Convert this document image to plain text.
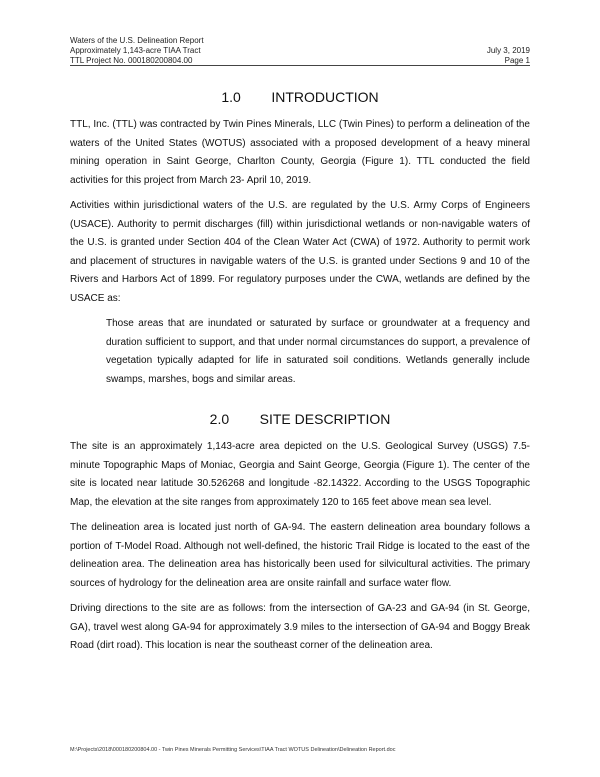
Waters of the U.S. Delineation Report
Approximately 1,143-acre TIAA Tract	July 3, 2019
TTL Project No. 000180200804.00	Page 1
1.0	INTRODUCTION

TTL, Inc. (TTL) was contracted by Twin Pines Minerals, LLC (Twin Pines) to perform a delineation of the waters of the United States (WOTUS) associated with a proposed development of a heavy mineral mining operation in Saint George, Charlton County, Georgia (Figure 1). TTL conducted the field activities for this project from March 23- April 10, 2019.

Activities within jurisdictional waters of the U.S. are regulated by the U.S. Army Corps of Engineers (USACE). Authority to permit discharges (fill) within jurisdictional wetlands or non-navigable waters of the U.S. is granted under Section 404 of the Clean Water Act (CWA) of 1972. Authority to permit work and placement of structures in navigable waters of the U.S. is granted under Sections 9 and 10 of the Rivers and Harbors Act of 1899. For regulatory purposes under the CWA, wetlands are defined by the USACE as:

Those areas that are inundated or saturated by surface or groundwater at a frequency and duration sufficient to support, and that under normal circumstances do support, a prevalence of vegetation typically adapted for life in saturated soil conditions. Wetlands generally include swamps, marshes, bogs and similar areas.

2.0	SITE DESCRIPTION

The site is an approximately 1,143-acre area depicted on the U.S. Geological Survey (USGS) 7.5-minute Topographic Maps of Moniac, Georgia and Saint George, Georgia (Figure 1). The center of the site is located near latitude 30.526268 and longitude -82.14322. According to the USGS Topographic Map, the elevation at the site ranges from approximately 120 to 165 feet above mean sea level.

The delineation area is located just north of GA-94. The eastern delineation area boundary follows a portion of T-Model Road. Although not well-defined, the historic Trail Ridge is located to the east of the delineation area. The delineation area has historically been used for silvicultural activities. The primary sources of hydrology for the delineation area are onsite rainfall and surface water flow.

Driving directions to the site are as follows: from the intersection of GA-23 and GA-94 (in St. George, GA), travel west along GA-94 for approximately 3.9 miles to the intersection of GA-94 and Boggy Break Road (dirt road). This location is near the southeast corner of the delineation area.

M:\Projects\2018\000180200804.00 - Twin Pines Minerals Permitting Services\TIAA Tract WOTUS Delineation\Delineation Report.doc
